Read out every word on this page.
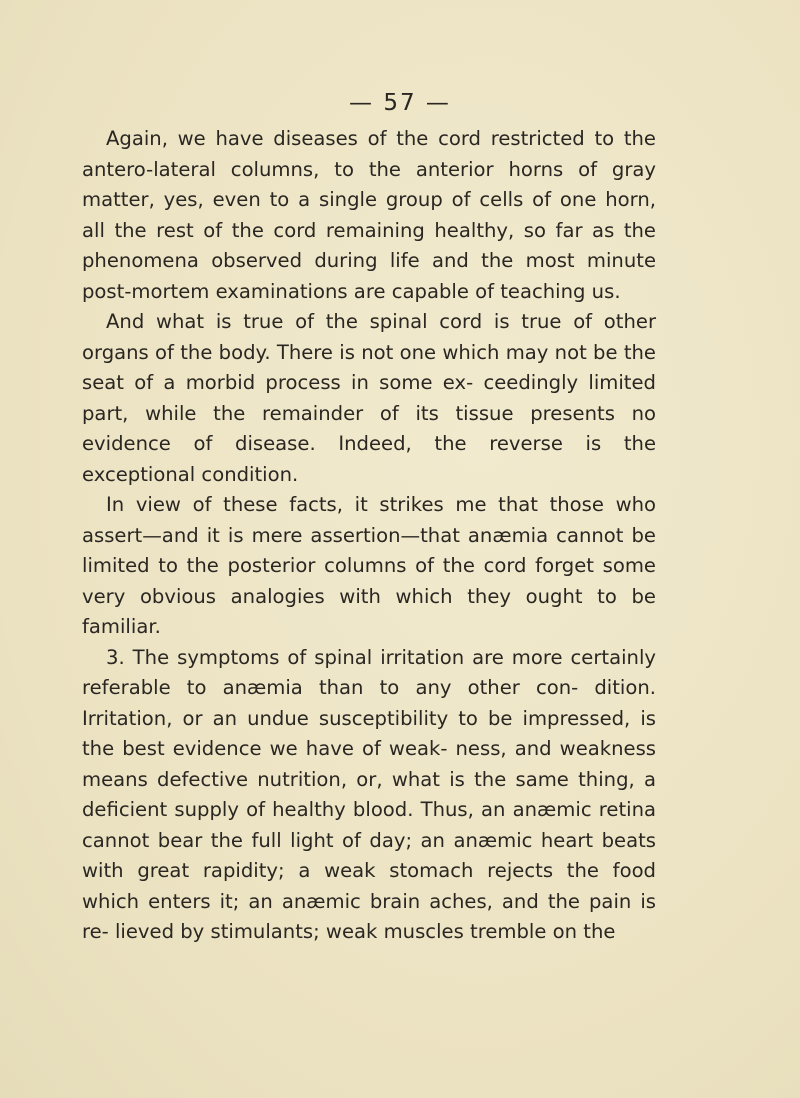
— 57 —

Again, we have diseases of the cord restricted to the antero-lateral columns, to the anterior horns of gray matter, yes, even to a single group of cells of one horn, all the rest of the cord remaining healthy, so far as the phenomena observed during life and the most minute post-mortem examinations are capable of teaching us.

And what is true of the spinal cord is true of other organs of the body. There is not one which may not be the seat of a morbid process in some ex- ceedingly limited part, while the remainder of its tissue presents no evidence of disease. Indeed, the reverse is the exceptional condition.

In view of these facts, it strikes me that those who assert—and it is mere assertion—that anæmia cannot be limited to the posterior columns of the cord forget some very obvious analogies with which they ought to be familiar.

3. The symptoms of spinal irritation are more certainly referable to anæmia than to any other con- dition. Irritation, or an undue susceptibility to be impressed, is the best evidence we have of weak- ness, and weakness means defective nutrition, or, what is the same thing, a deficient supply of healthy blood. Thus, an anæmic retina cannot bear the full light of day; an anæmic heart beats with great rapidity; a weak stomach rejects the food which enters it; an anæmic brain aches, and the pain is re- lieved by stimulants; weak muscles tremble on the
